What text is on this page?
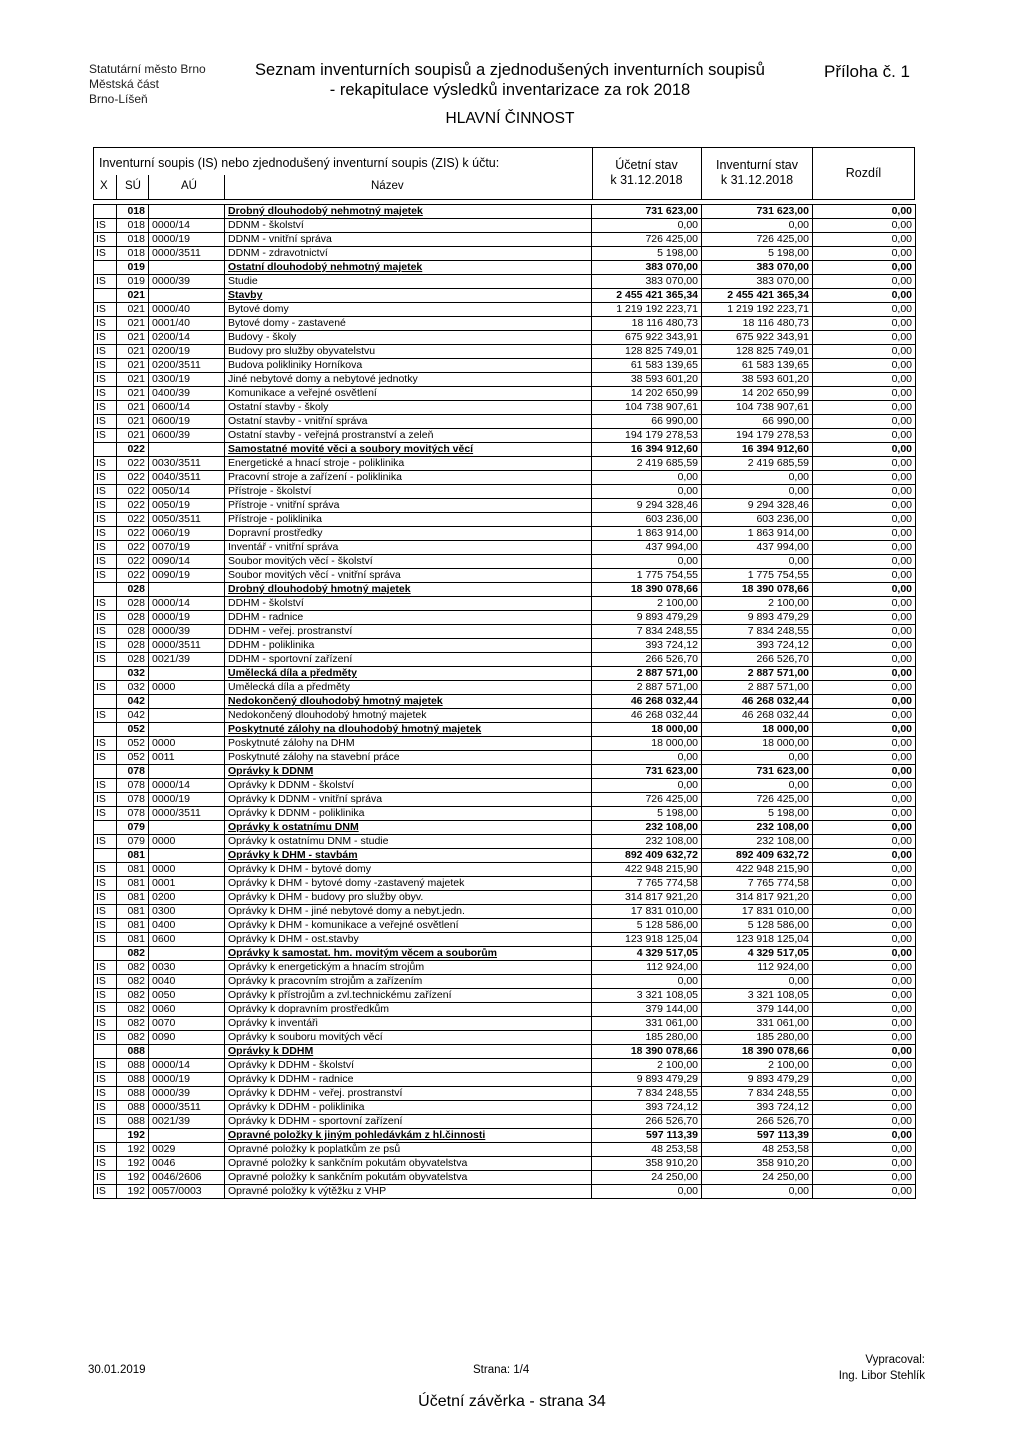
Statutární město Brno
Městská část
Brno-Líšeň
Seznam inventurních soupisů a zjednodušených inventurních soupisů
- rekapitulace výsledků inventarizace za rok 2018
HLAVNÍ ČINNOST
Příloha č. 1
Inventurní soupis (IS) nebo zjednodušený inventurní soupis (ZIS) k účtu:
X SÚ	AÚ	Název
Účetní stav
k 31.12.2018
Inventurní stav
k 31.12.2018	Rozdíl
	018		Drobný dlouhodobý nehmotný majetek	731 623,00	731 623,00	0,00
IS	018	0000/14	DDNM - školství	0,00	0,00	0,00
IS	018	0000/19	DDNM - vnitřní správa	726 425,00	726 425,00	0,00
IS	018	0000/3511	DDNM - zdravotnictví	5 198,00	5 198,00	0,00
	019		Ostatní dlouhodobý nehmotný majetek	383 070,00	383 070,00	0,00
IS	019	0000/39	Studie	383 070,00	383 070,00	0,00
	021		Stavby	2 455 421 365,34	2 455 421 365,34	0,00
IS	021	0000/40	Bytové domy	1 219 192 223,71	1 219 192 223,71	0,00
IS	021	0001/40	Bytové domy - zastavené	18 116 480,73	18 116 480,73	0,00
IS	021	0200/14	Budovy - školy	675 922 343,91	675 922 343,91	0,00
IS	021	0200/19	Budovy pro služby obyvatelstvu	128 825 749,01	128 825 749,01	0,00
IS	021	0200/3511	Budova polikliniky Horníkova	61 583 139,65	61 583 139,65	0,00
IS	021	0300/19	Jiné nebytové domy a nebytové jednotky	38 593 601,20	38 593 601,20	0,00
IS	021	0400/39	Komunikace a veřejné osvětlení	14 202 650,99	14 202 650,99	0,00
IS	021	0600/14	Ostatní stavby - školy	104 738 907,61	104 738 907,61	0,00
IS	021	0600/19	Ostatní stavby - vnitřní správa	66 990,00	66 990,00	0,00
IS	021	0600/39	Ostatní stavby - veřejná prostranství a zeleň	194 179 278,53	194 179 278,53	0,00
	022		Samostatné movité věci a soubory movitých věcí	16 394 912,60	16 394 912,60	0,00
IS	022	0030/3511	Energetické a hnací stroje - poliklinika	2 419 685,59	2 419 685,59	0,00
IS	022	0040/3511	Pracovní stroje a zařízení - poliklinika	0,00	0,00	0,00
IS	022	0050/14	Přístroje - školství	0,00	0,00	0,00
IS	022	0050/19	Přístroje - vnitřní správa	9 294 328,46	9 294 328,46	0,00
IS	022	0050/3511	Přístroje - poliklinika	603 236,00	603 236,00	0,00
IS	022	0060/19	Dopravní prostředky	1 863 914,00	1 863 914,00	0,00
IS	022	0070/19	Inventář - vnitřní správa	437 994,00	437 994,00	0,00
IS	022	0090/14	Soubor movitých věcí - školství	0,00	0,00	0,00
IS	022	0090/19	Soubor movitých věcí - vnitřní správa	1 775 754,55	1 775 754,55	0,00
	028		Drobný dlouhodobý hmotný majetek	18 390 078,66	18 390 078,66	0,00
IS	028	0000/14	DDHM - školství	2 100,00	2 100,00	0,00
IS	028	0000/19	DDHM - radnice	9 893 479,29	9 893 479,29	0,00
IS	028	0000/39	DDHM - veřej. prostranství	7 834 248,55	7 834 248,55	0,00
IS	028	0000/3511	DDHM - poliklinika	393 724,12	393 724,12	0,00
IS	028	0021/39	DDHM - sportovní zařízení	266 526,70	266 526,70	0,00
	032		Umělecká díla a předměty	2 887 571,00	2 887 571,00	0,00
IS	032	0000	Umělecká díla a předměty	2 887 571,00	2 887 571,00	0,00
	042		Nedokončený dlouhodobý hmotný majetek	46 268 032,44	46 268 032,44	0,00
IS	042		Nedokončený dlouhodobý hmotný majetek	46 268 032,44	46 268 032,44	0,00
	052		Poskytnuté zálohy na dlouhodobý hmotný majetek	18 000,00	18 000,00	0,00
IS	052	0000	Poskytnuté zálohy na DHM	18 000,00	18 000,00	0,00
IS	052	0011	Poskytnuté zálohy na stavební práce	0,00	0,00	0,00
	078		Oprávky k DDNM	731 623,00	731 623,00	0,00
IS	078	0000/14	Oprávky k DDNM - školství	0,00	0,00	0,00
IS	078	0000/19	Oprávky k DDNM - vnitřní správa	726 425,00	726 425,00	0,00
IS	078	0000/3511	Oprávky k DDNM - poliklinika	5 198,00	5 198,00	0,00
	079		Oprávky k ostatnímu DNM	232 108,00	232 108,00	0,00
IS	079	0000	Oprávky k ostatnímu DNM - studie	232 108,00	232 108,00	0,00
	081		Oprávky k DHM - stavbám	892 409 632,72	892 409 632,72	0,00
IS	081	0000	Oprávky k DHM - bytové domy	422 948 215,90	422 948 215,90	0,00
IS	081	0001	Oprávky k DHM - bytové domy -zastavený majetek	7 765 774,58	7 765 774,58	0,00
IS	081	0200	Oprávky k DHM - budovy pro služby obyv.	314 817 921,20	314 817 921,20	0,00
IS	081	0300	Oprávky k DHM - jiné nebytové domy a nebyt.jedn.	17 831 010,00	17 831 010,00	0,00
IS	081	0400	Oprávky k DHM - komunikace a veřejné osvětlení	5 128 586,00	5 128 586,00	0,00
IS	081	0600	Oprávky k DHM - ost.stavby	123 918 125,04	123 918 125,04	0,00
	082		Oprávky k samostat. hm. movitým věcem a souborům	4 329 517,05	4 329 517,05	0,00
IS	082	0030	Oprávky k energetickým a hnacím strojům	112 924,00	112 924,00	0,00
IS	082	0040	Oprávky k pracovním strojům a zařízením	0,00	0,00	0,00
IS	082	0050	Oprávky k přístrojům a zvl.technickému zařízení	3 321 108,05	3 321 108,05	0,00
IS	082	0060	Oprávky k dopravním prostředkům	379 144,00	379 144,00	0,00
IS	082	0070	Oprávky k inventáři	331 061,00	331 061,00	0,00
IS	082	0090	Oprávky k souboru movitých věcí	185 280,00	185 280,00	0,00
	088		Oprávky k DDHM	18 390 078,66	18 390 078,66	0,00
IS	088	0000/14	Oprávky k DDHM - školství	2 100,00	2 100,00	0,00
IS	088	0000/19	Oprávky k DDHM - radnice	9 893 479,29	9 893 479,29	0,00
IS	088	0000/39	Oprávky k DDHM - veřej. prostranství	7 834 248,55	7 834 248,55	0,00
IS	088	0000/3511	Oprávky k DDHM - poliklinika	393 724,12	393 724,12	0,00
IS	088	0021/39	Oprávky k DDHM - sportovní zařízení	266 526,70	266 526,70	0,00
	192		Opravné položky k jiným pohledávkám z hl.činnosti	597 113,39	597 113,39	0,00
IS	192	0029	Opravné položky k poplatkům ze psů	48 253,58	48 253,58	0,00
IS	192	0046	Opravné položky k sankčním pokutám obyvatelstva	358 910,20	358 910,20	0,00
IS	192	0046/2606	Opravné položky k sankčním pokutám obyvatelstva	24 250,00	24 250,00	0,00
IS	192	0057/0003	Opravné položky k výtěžku z VHP	0,00	0,00	0,00
30.01.2019	Strana: 1/4
Vypracoval:
Ing. Libor Stehlík
Účetní závěrka - strana 34
